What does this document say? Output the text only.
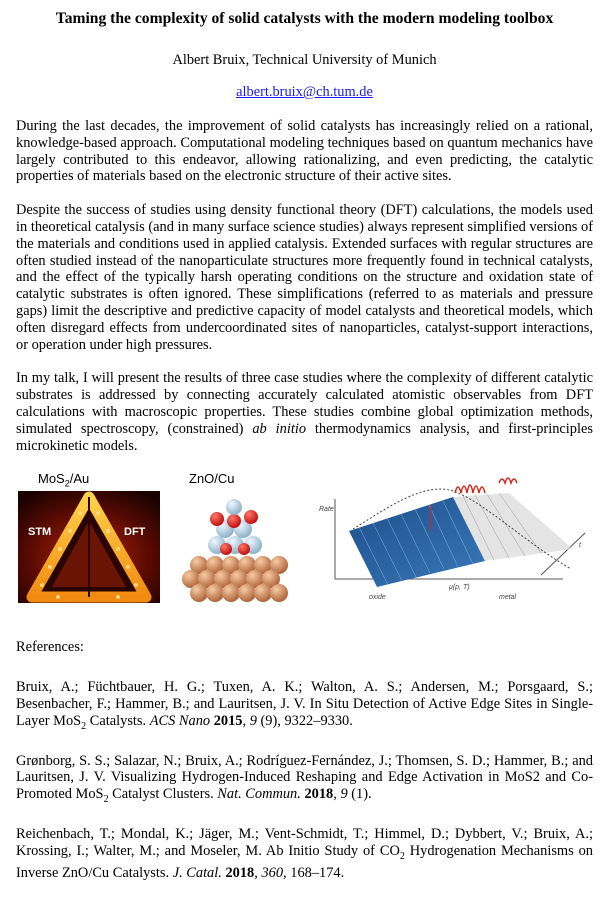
Taming the complexity of solid catalysts with the modern modeling toolbox
Albert Bruix, Technical University of Munich
albert.bruix@ch.tum.de

During the last decades, the improvement of solid catalysts has increasingly relied on a rational, knowledge-based approach. Computational modeling techniques based on quantum mechanics have largely contributed to this endeavor, allowing rationalizing, and even predicting, the catalytic properties of materials based on the electronic structure of their active sites.

Despite the success of studies using density functional theory (DFT) calculations, the models used in theoretical catalysis (and in many surface science studies) always represent simplified versions of the materials and conditions used in applied catalysis. Extended surfaces with regular structures are often studied instead of the nanoparticulate structures more frequently found in technical catalysts, and the effect of the typically harsh operating conditions on the structure and oxidation state of catalytic substrates is often ignored. These simplifications (referred to as materials and pressure gaps) limit the descriptive and predictive capacity of model catalysts and theoretical models, which often disregard effects from undercoordinated sites of nanoparticles, catalyst-support interactions, or operation under high pressures.

In my talk, I will present the results of three case studies where the complexity of different catalytic substrates is addressed by connecting accurately calculated atomistic observables from DFT calculations with macroscopic properties. These studies combine global optimization methods, simulated spectroscopy, (constrained) ab initio thermodynamics analysis, and first-principles microkinetic models.

MoS$_2$/Au
STM	DFT
ZnO/Cu
Rate
μ(p, T)
t
oxide	metal
References:

Bruix, A.; Füchtbauer, H. G.; Tuxen, A. K.; Walton, A. S.; Andersen, M.; Porsgaard, S.; Besenbacher, F.; Hammer, B.; and Lauritsen, J. V. In Situ Detection of Active Edge Sites in Single-Layer MoS$_2$ Catalysts. ACS Nano 2015, 9 (9), 9322–9330.

Grønborg, S. S.; Salazar, N.; Bruix, A.; Rodríguez-Fernández, J.; Thomsen, S. D.; Hammer, B.; and Lauritsen, J. V. Visualizing Hydrogen-Induced Reshaping and Edge Activation in MoS2 and Co-Promoted MoS$_2$ Catalyst Clusters. Nat. Commun. 2018, 9 (1).

Reichenbach, T.; Mondal, K.; Jäger, M.; Vent-Schmidt, T.; Himmel, D.; Dybbert, V.; Bruix, A.; Krossing, I.; Walter, M.; and Moseler, M. Ab Initio Study of $CO_2$ Hydrogenation Mechanisms on Inverse ZnO/Cu Catalysts. J. Catal. 2018, 360, 168–174.
